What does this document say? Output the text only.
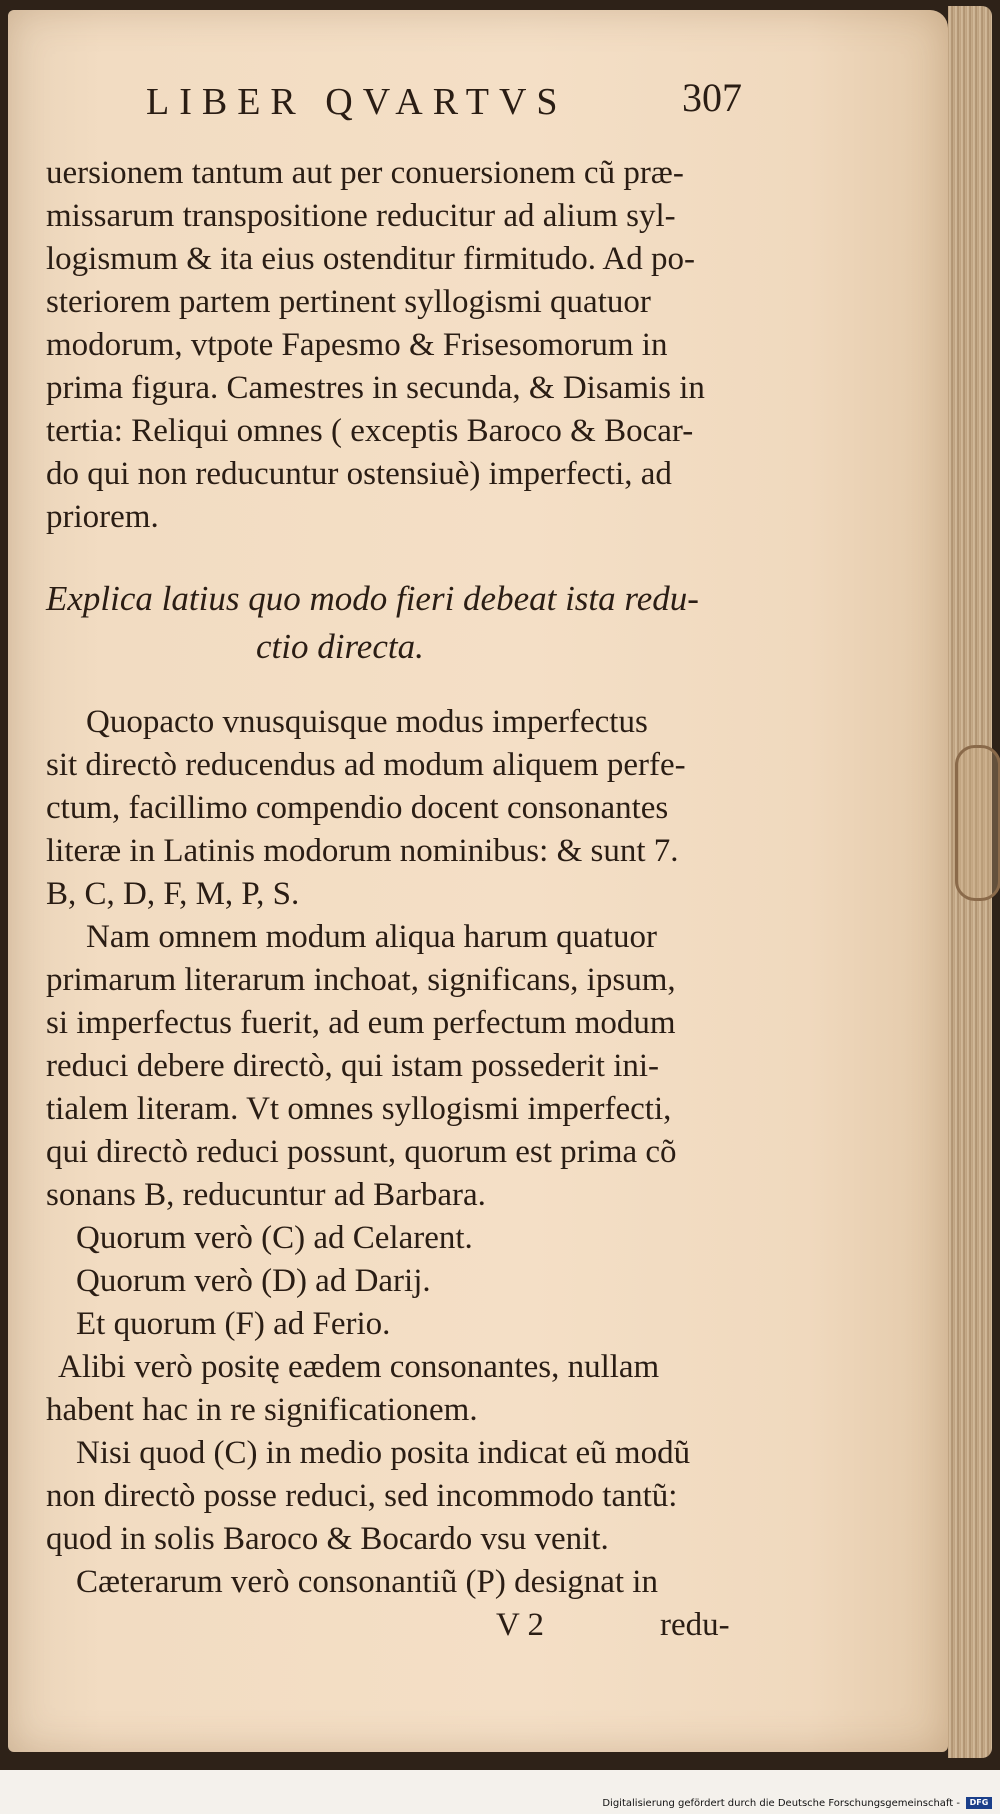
LIBER QVARTVS	307

uersionem tantum aut per conuersionem cũ præ-

missarum transpositione reducitur ad alium syl-

logismum & ita eius ostenditur firmitudo. Ad po-

steriorem partem pertinent syllogismi quatuor

modorum, vtpote Fapesmo & Frisesomorum in

prima figura. Camestres in secunda, & Disamis in

tertia: Reliqui omnes ( exceptis Baroco & Bocar-

do qui non reducuntur ostensiuè) imperfecti, ad

priorem.

Explica latius quo modo fieri debeat ista redu-

ctio directa.

Quopacto vnusquisque modus imperfectus

sit directò reducendus ad modum aliquem perfe-

ctum, facillimo compendio docent consonantes

literæ in Latinis modorum nominibus: & sunt 7.

B, C, D, F, M, P, S.

Nam omnem modum aliqua harum quatuor

primarum literarum inchoat, significans, ipsum,

si imperfectus fuerit, ad eum perfectum modum

reduci debere directò, qui istam possederit ini-

tialem literam. Vt omnes syllogismi imperfecti,

qui directò reduci possunt, quorum est prima cõ

sonans B, reducuntur ad Barbara.

Quorum verò (C) ad Celarent.

Quorum verò (D) ad Darij.

Et quorum (F) ad Ferio.

Alibi verò positę eædem consonantes, nullam

habent hac in re significationem.

Nisi quod (C) in medio posita indicat eũ modũ

non directò posse reduci, sed incommodo tantũ:

quod in solis Baroco & Bocardo vsu venit.

Cæterarum verò consonantiũ (P) designat in

V 2	redu-
Digitalisierung gefördert durch die Deutsche Forschungsgemeinschaft -	DFG
